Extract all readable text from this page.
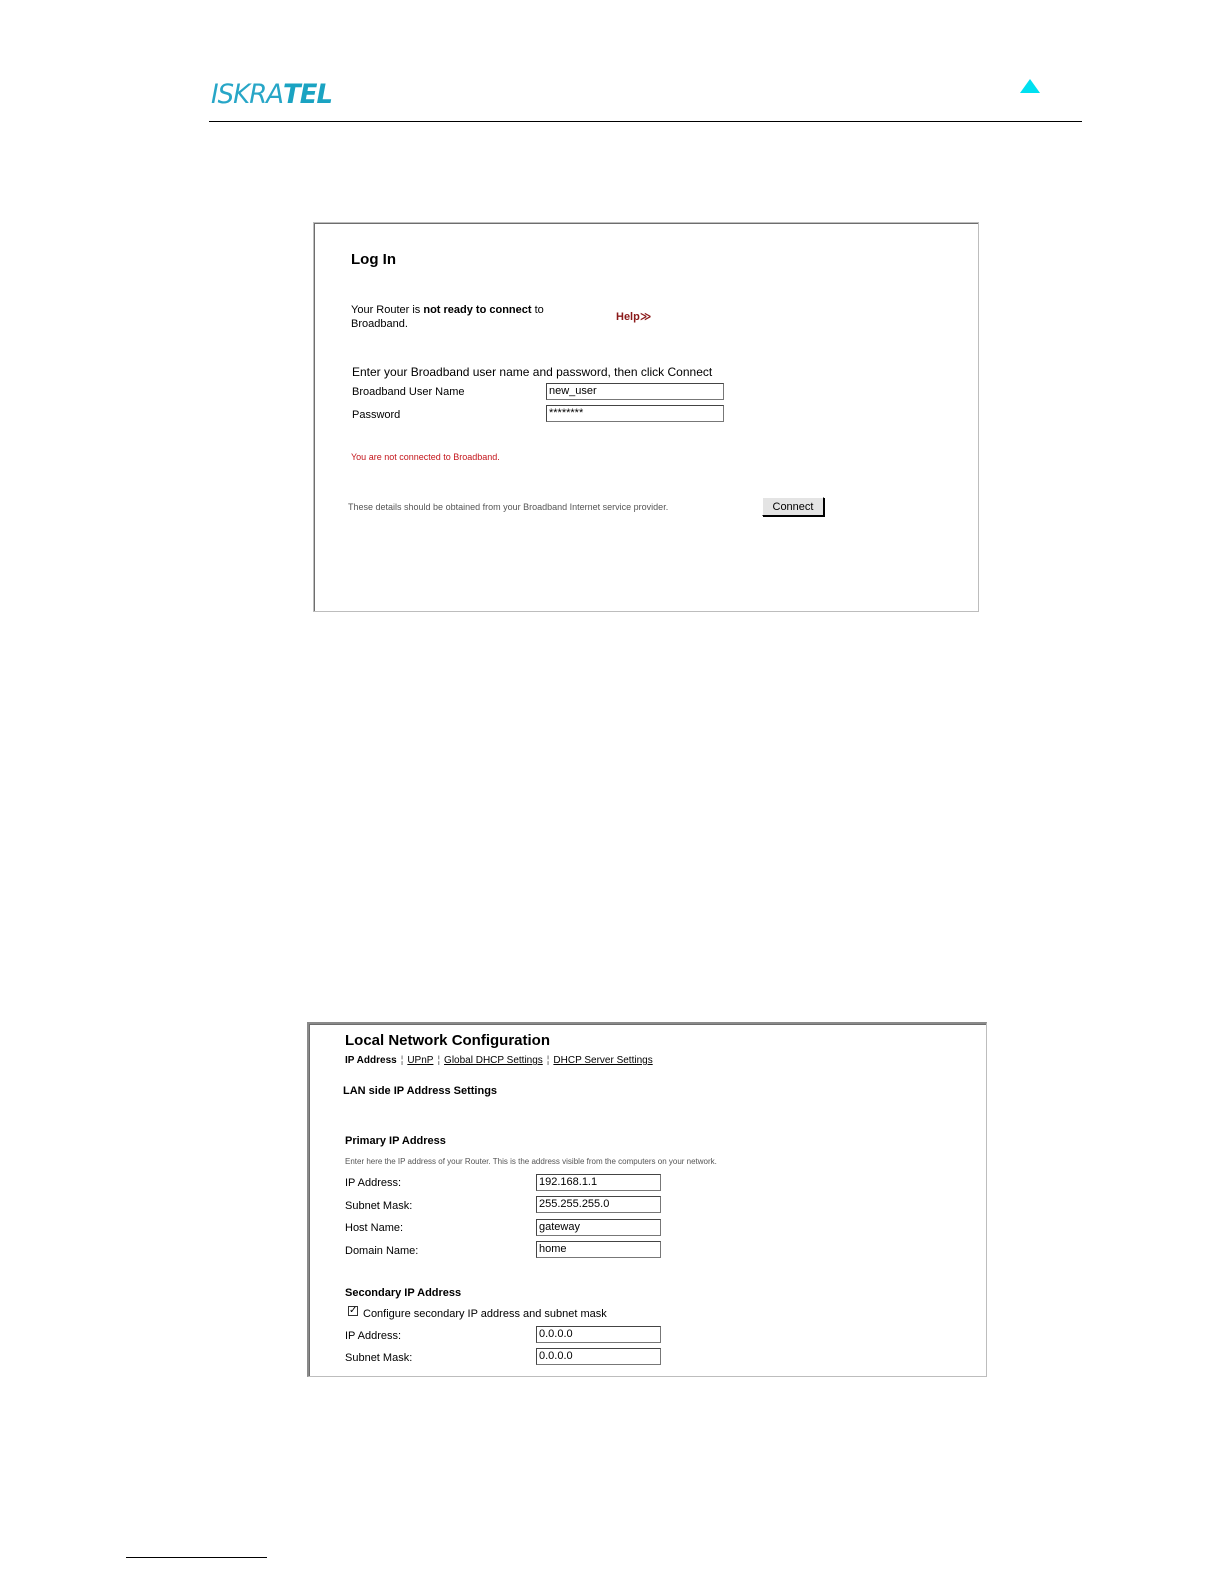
ISKRATEL
Log In
Your Router is not ready to connect to Broadband.
Help≫
Enter your Broadband user name and password, then click Connect
Broadband User Name	new_user
Password	********
You are not connected to Broadband.
These details should be obtained from your Broadband Internet service provider.	Connect
Local Network Configuration
IP Address ¦ UPnP ¦ Global DHCP Settings ¦ DHCP Server Settings
LAN side IP Address Settings
Primary IP Address
Enter here the IP address of your Router. This is the address visible from the computers on your network.
IP Address:	192.168.1.1
Subnet Mask:	255.255.255.0
Host Name:	gateway
Domain Name:	home
Secondary IP Address
✓ Configure secondary IP address and subnet mask
IP Address:	0.0.0.0
Subnet Mask:	0.0.0.0
